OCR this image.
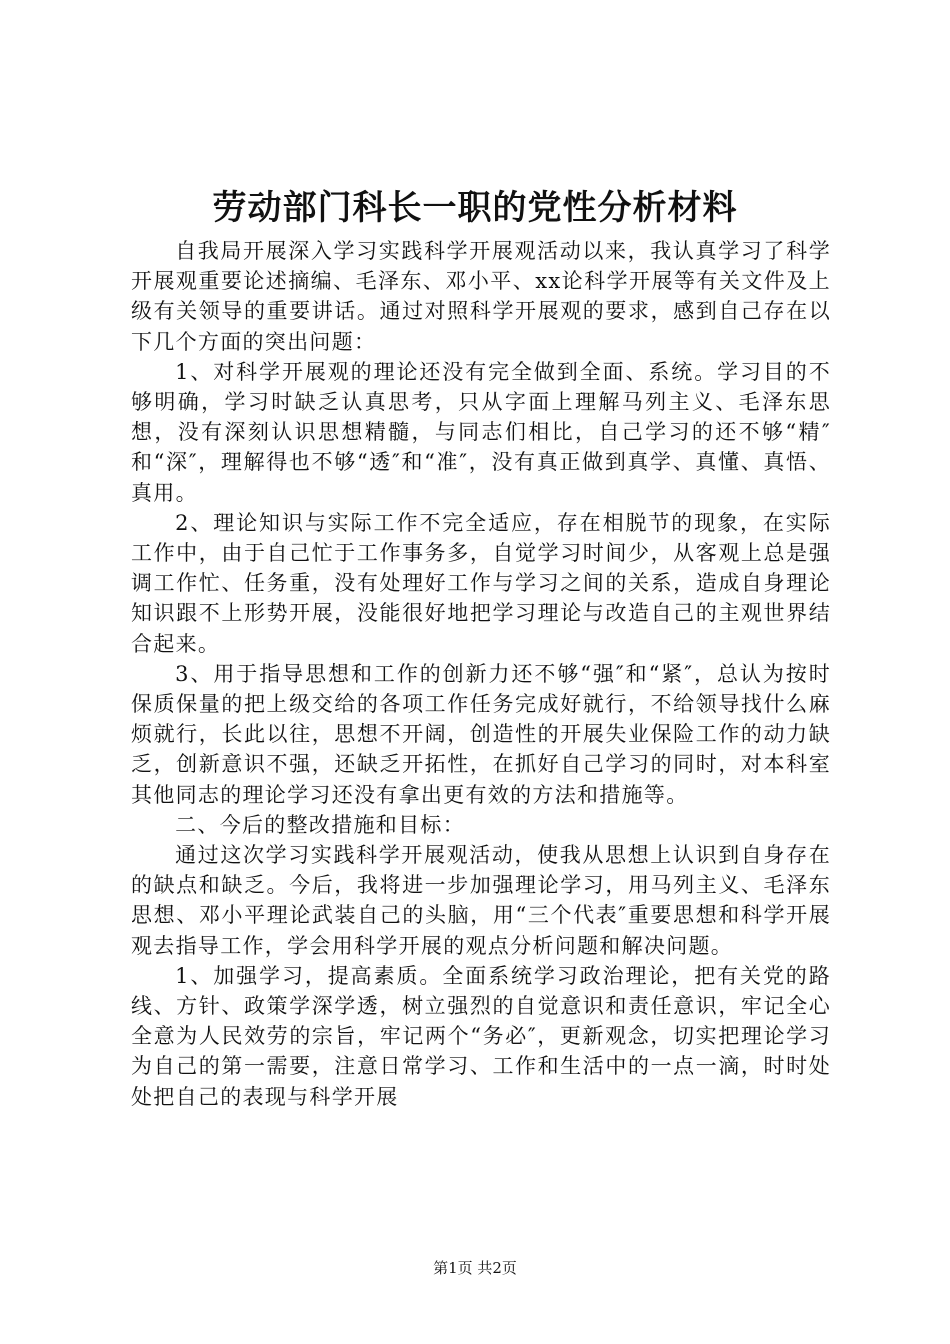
劳动部门科长一职的党性分析材料

自我局开展深入学习实践科学开展观活动以来，我认真学习了科学开展观重要论述摘编、毛泽东、邓小平、xx论科学开展等有关文件及上级有关领导的重要讲话。通过对照科学开展观的要求，感到自己存在以下几个方面的突出问题：

1、对科学开展观的理论还没有完全做到全面、系统。学习目的不够明确，学习时缺乏认真思考，只从字面上理解马列主义、毛泽东思想，没有深刻认识思想精髓，与同志们相比，自己学习的还不够“精″和“深″，理解得也不够“透″和“准″，没有真正做到真学、真懂、真悟、真用。

2、理论知识与实际工作不完全适应，存在相脱节的现象，在实际工作中，由于自己忙于工作事务多，自觉学习时间少，从客观上总是强调工作忙、任务重，没有处理好工作与学习之间的关系，造成自身理论知识跟不上形势开展，没能很好地把学习理论与改造自己的主观世界结合起来。

3、用于指导思想和工作的创新力还不够“强″和“紧″，总认为按时保质保量的把上级交给的各项工作任务完成好就行，不给领导找什么麻烦就行，长此以往，思想不开阔，创造性的开展失业保险工作的动力缺乏，创新意识不强，还缺乏开拓性，在抓好自己学习的同时，对本科室其他同志的理论学习还没有拿出更有效的方法和措施等。

二、今后的整改措施和目标：

通过这次学习实践科学开展观活动，使我从思想上认识到自身存在的缺点和缺乏。今后，我将进一步加强理论学习，用马列主义、毛泽东思想、邓小平理论武装自己的头脑，用“三个代表″重要思想和科学开展观去指导工作，学会用科学开展的观点分析问题和解决问题。

1、加强学习，提高素质。全面系统学习政治理论，把有关党的路线、方针、政策学深学透，树立强烈的自觉意识和责任意识，牢记全心全意为人民效劳的宗旨，牢记两个“务必″，更新观念，切实把理论学习为自己的第一需要，注意日常学习、工作和生活中的一点一滴，时时处处把自己的表现与科学开展

第1页 共2页
